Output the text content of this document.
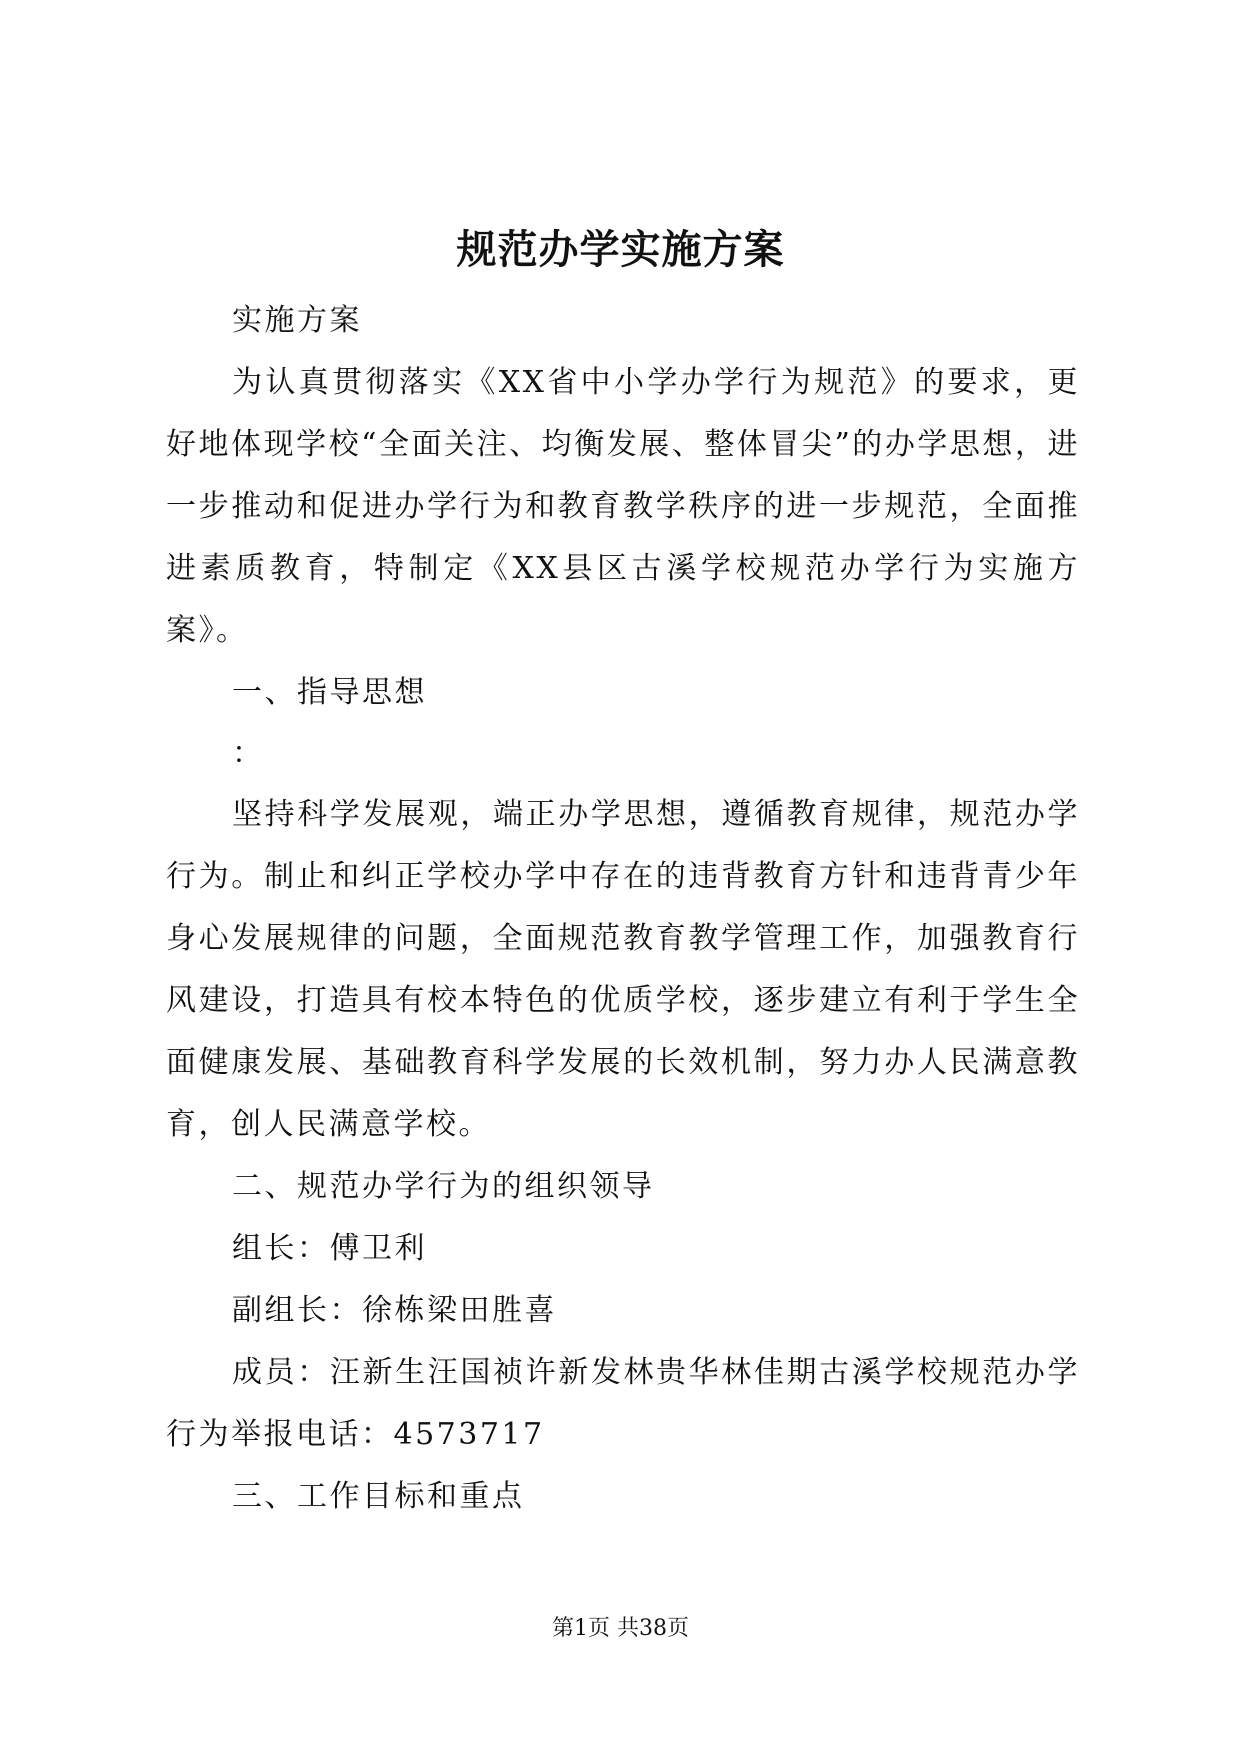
规范办学实施方案

实施方案

为认真贯彻落实《XX省中小学办学行为规范》的要求，更好地体现学校“全面关注、均衡发展、整体冒尖”的办学思想，进一步推动和促进办学行为和教育教学秩序的进一步规范，全面推进素质教育，特制定《XX县区古溪学校规范办学行为实施方案》。

一、指导思想

：

坚持科学发展观，端正办学思想，遵循教育规律，规范办学行为。制止和纠正学校办学中存在的违背教育方针和违背青少年身心发展规律的问题，全面规范教育教学管理工作，加强教育行风建设，打造具有校本特色的优质学校，逐步建立有利于学生全面健康发展、基础教育科学发展的长效机制，努力办人民满意教育，创人民满意学校。

二、规范办学行为的组织领导

组长：傅卫利

副组长：徐栋梁田胜喜

成员：汪新生汪国祯许新发林贵华林佳期古溪学校规范办学行为举报电话：4573717

三、工作目标和重点

第1页 共38页
